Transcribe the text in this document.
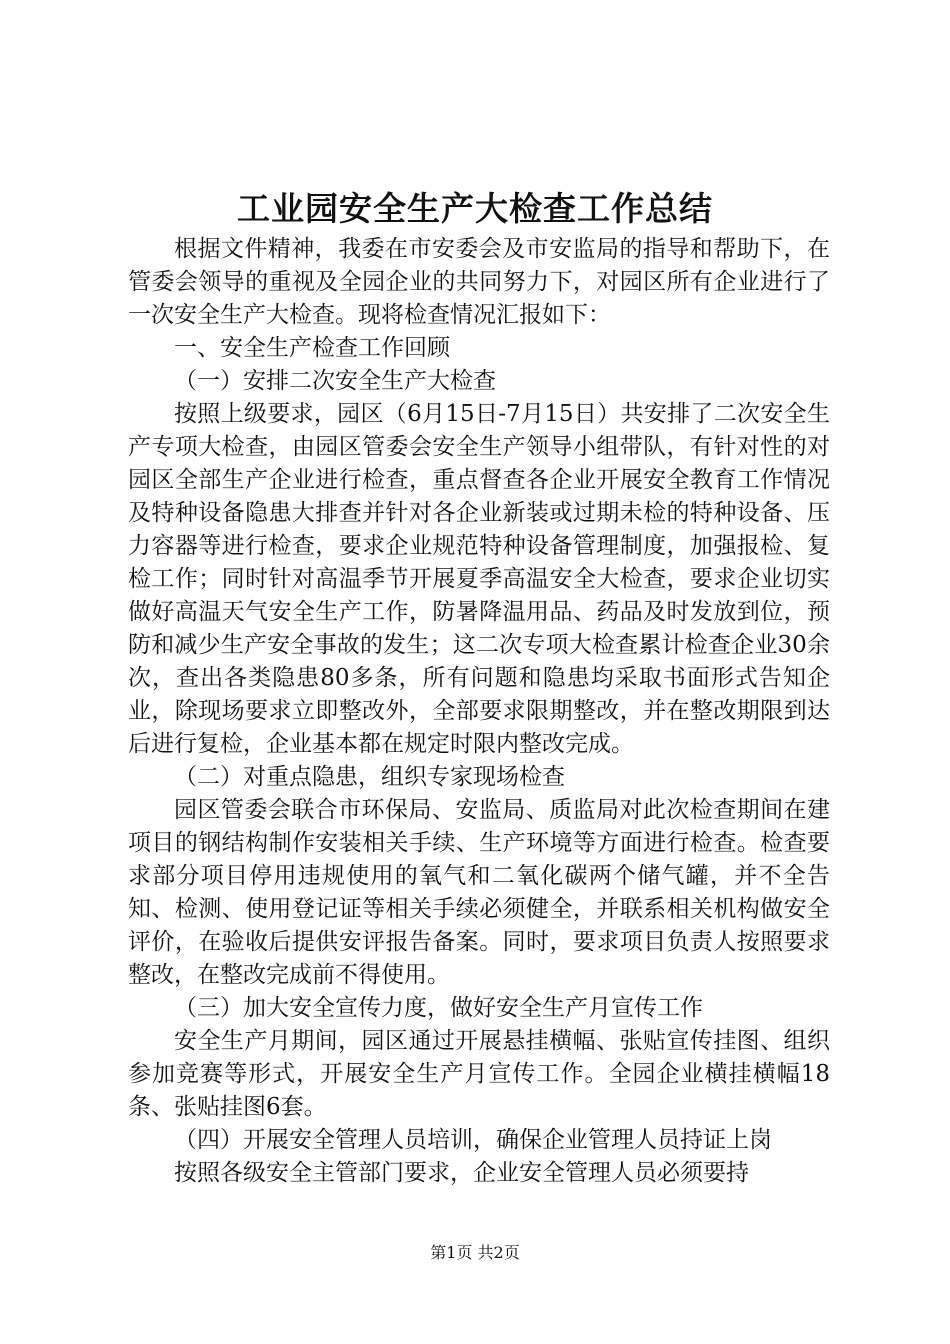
工业园安全生产大检查工作总结

根据文件精神，我委在市安委会及市安监局的指导和帮助下，在管委会领导的重视及全园企业的共同努力下，对园区所有企业进行了一次安全生产大检查。现将检查情况汇报如下：

一、安全生产检查工作回顾

（一）安排二次安全生产大检查

按照上级要求，园区（6月15日-7月15日）共安排了二次安全生产专项大检查，由园区管委会安全生产领导小组带队，有针对性的对园区全部生产企业进行检查，重点督查各企业开展安全教育工作情况及特种设备隐患大排查并针对各企业新装或过期未检的特种设备、压力容器等进行检查，要求企业规范特种设备管理制度，加强报检、复检工作；同时针对高温季节开展夏季高温安全大检查，要求企业切实做好高温天气安全生产工作，防暑降温用品、药品及时发放到位，预防和减少生产安全事故的发生；这二次专项大检查累计检查企业30余次，查出各类隐患80多条，所有问题和隐患均采取书面形式告知企业，除现场要求立即整改外，全部要求限期整改，并在整改期限到达后进行复检，企业基本都在规定时限内整改完成。

（二）对重点隐患，组织专家现场检查

园区管委会联合市环保局、安监局、质监局对此次检查期间在建项目的钢结构制作安装相关手续、生产环境等方面进行检查。检查要求部分项目停用违规使用的氧气和二氧化碳两个储气罐，并不全告知、检测、使用登记证等相关手续必须健全，并联系相关机构做安全评价，在验收后提供安评报告备案。同时，要求项目负责人按照要求整改，在整改完成前不得使用。

（三）加大安全宣传力度，做好安全生产月宣传工作

安全生产月期间，园区通过开展悬挂横幅、张贴宣传挂图、组织参加竞赛等形式，开展安全生产月宣传工作。全园企业横挂横幅18条、张贴挂图6套。

（四）开展安全管理人员培训，确保企业管理人员持证上岗

按照各级安全主管部门要求，企业安全管理人员必须要持

第1页 共2页
